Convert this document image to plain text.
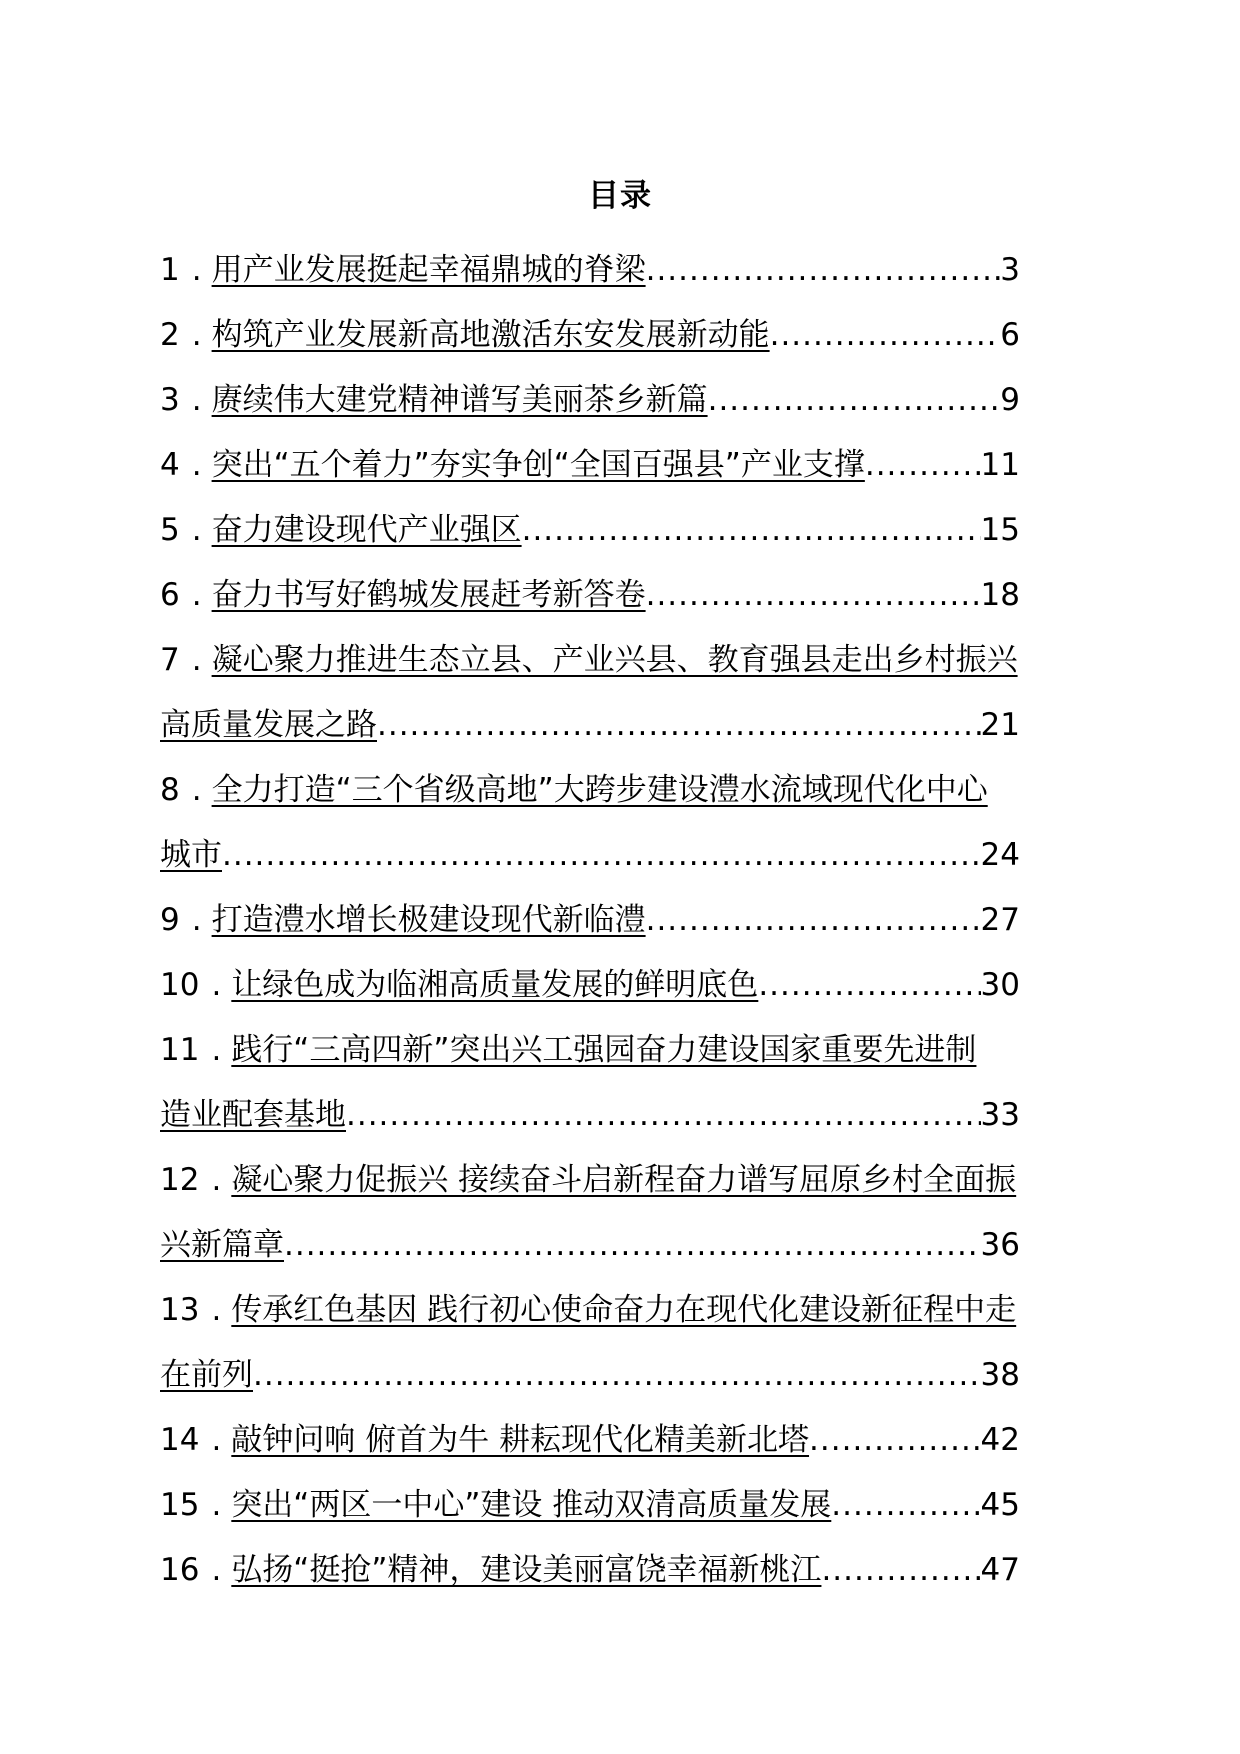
目录
1 . 用产业发展挺起幸福鼎城的脊梁 .....	3
2 . 构筑产业发展新高地激活东安发展新动能 .....	6
3 . 赓续伟大建党精神谱写美丽茶乡新篇 .....	9
4 . 突出“五个着力”夯实争创“全国百强县”产业支撑 .....	11
5 . 奋力建设现代产业强区 .....	15
6 . 奋力书写好鹤城发展赶考新答卷 .....	18
7 . 凝心聚力推进生态立县、产业兴县、教育强县走出乡村振兴
高质量发展之路 .....	21
8 . 全力打造“三个省级高地”大跨步建设澧水流域现代化中心
城市 .....	24
9 . 打造澧水增长极建设现代新临澧 .....	27
10 . 让绿色成为临湘高质量发展的鲜明底色 .....	30
11 . 践行“三高四新”突出兴工强园奋力建设国家重要先进制
造业配套基地 .....	33
12 . 凝心聚力促振兴 接续奋斗启新程奋力谱写屈原乡村全面振
兴新篇章 .....	36
13 . 传承红色基因 践行初心使命奋力在现代化建设新征程中走
在前列 .....	38
14 . 敲钟问响 俯首为牛 耕耘现代化精美新北塔 .....	42
15 . 突出“两区一中心”建设 推动双清高质量发展 .....	45
16 . 弘扬“挺抢”精神，建设美丽富饶幸福新桃江 .....	47
